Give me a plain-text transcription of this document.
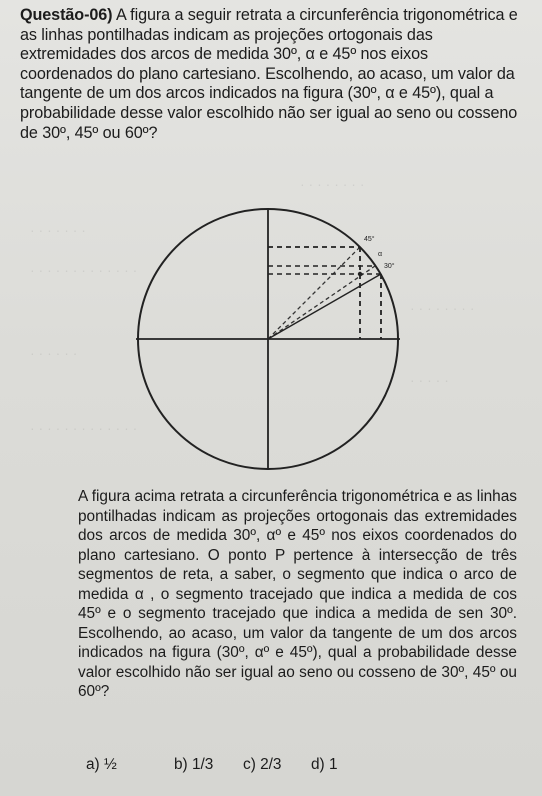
· · · · · · · ·
· · · · · · ·
· · · · · · · · · · · · ·
· · · · · ·
· · · · · · · ·
· · · · ·
· · · · · · · · · · · · ·
Questão-06) A figura a seguir retrata a circunferência trigonométrica e as linhas pontilhadas indicam as projeções ortogonais das extremidades dos arcos de medida 30º, α e 45º nos eixos coordenados do plano cartesiano. Escolhendo, ao acaso, um valor da tangente de um dos arcos indicados na figura (30º, α e 45º), qual a probabilidade desse valor escolhido não ser igual ao seno ou cosseno de 30º, 45º ou 60º?
45°
α
30°
A figura acima retrata a circunferência trigonométrica e as linhas pontilhadas indicam as projeções ortogonais das extremidades dos arcos de medida 30º, αº e 45º nos eixos coordenados do plano cartesiano. O ponto P pertence à intersecção de três segmentos de reta, a saber, o segmento que indica o arco de medida α , o segmento tracejado que indica a medida de cos 45º e o segmento tracejado que indica a medida de sen 30º. Escolhendo, ao acaso, um valor da tangente de um dos arcos indicados na figura (30º, αº e 45º), qual a probabilidade desse valor escolhido não ser igual ao seno ou cosseno de 30º, 45º ou 60º?
a) ½	b) 1/3 c) 2/3 d) 1
